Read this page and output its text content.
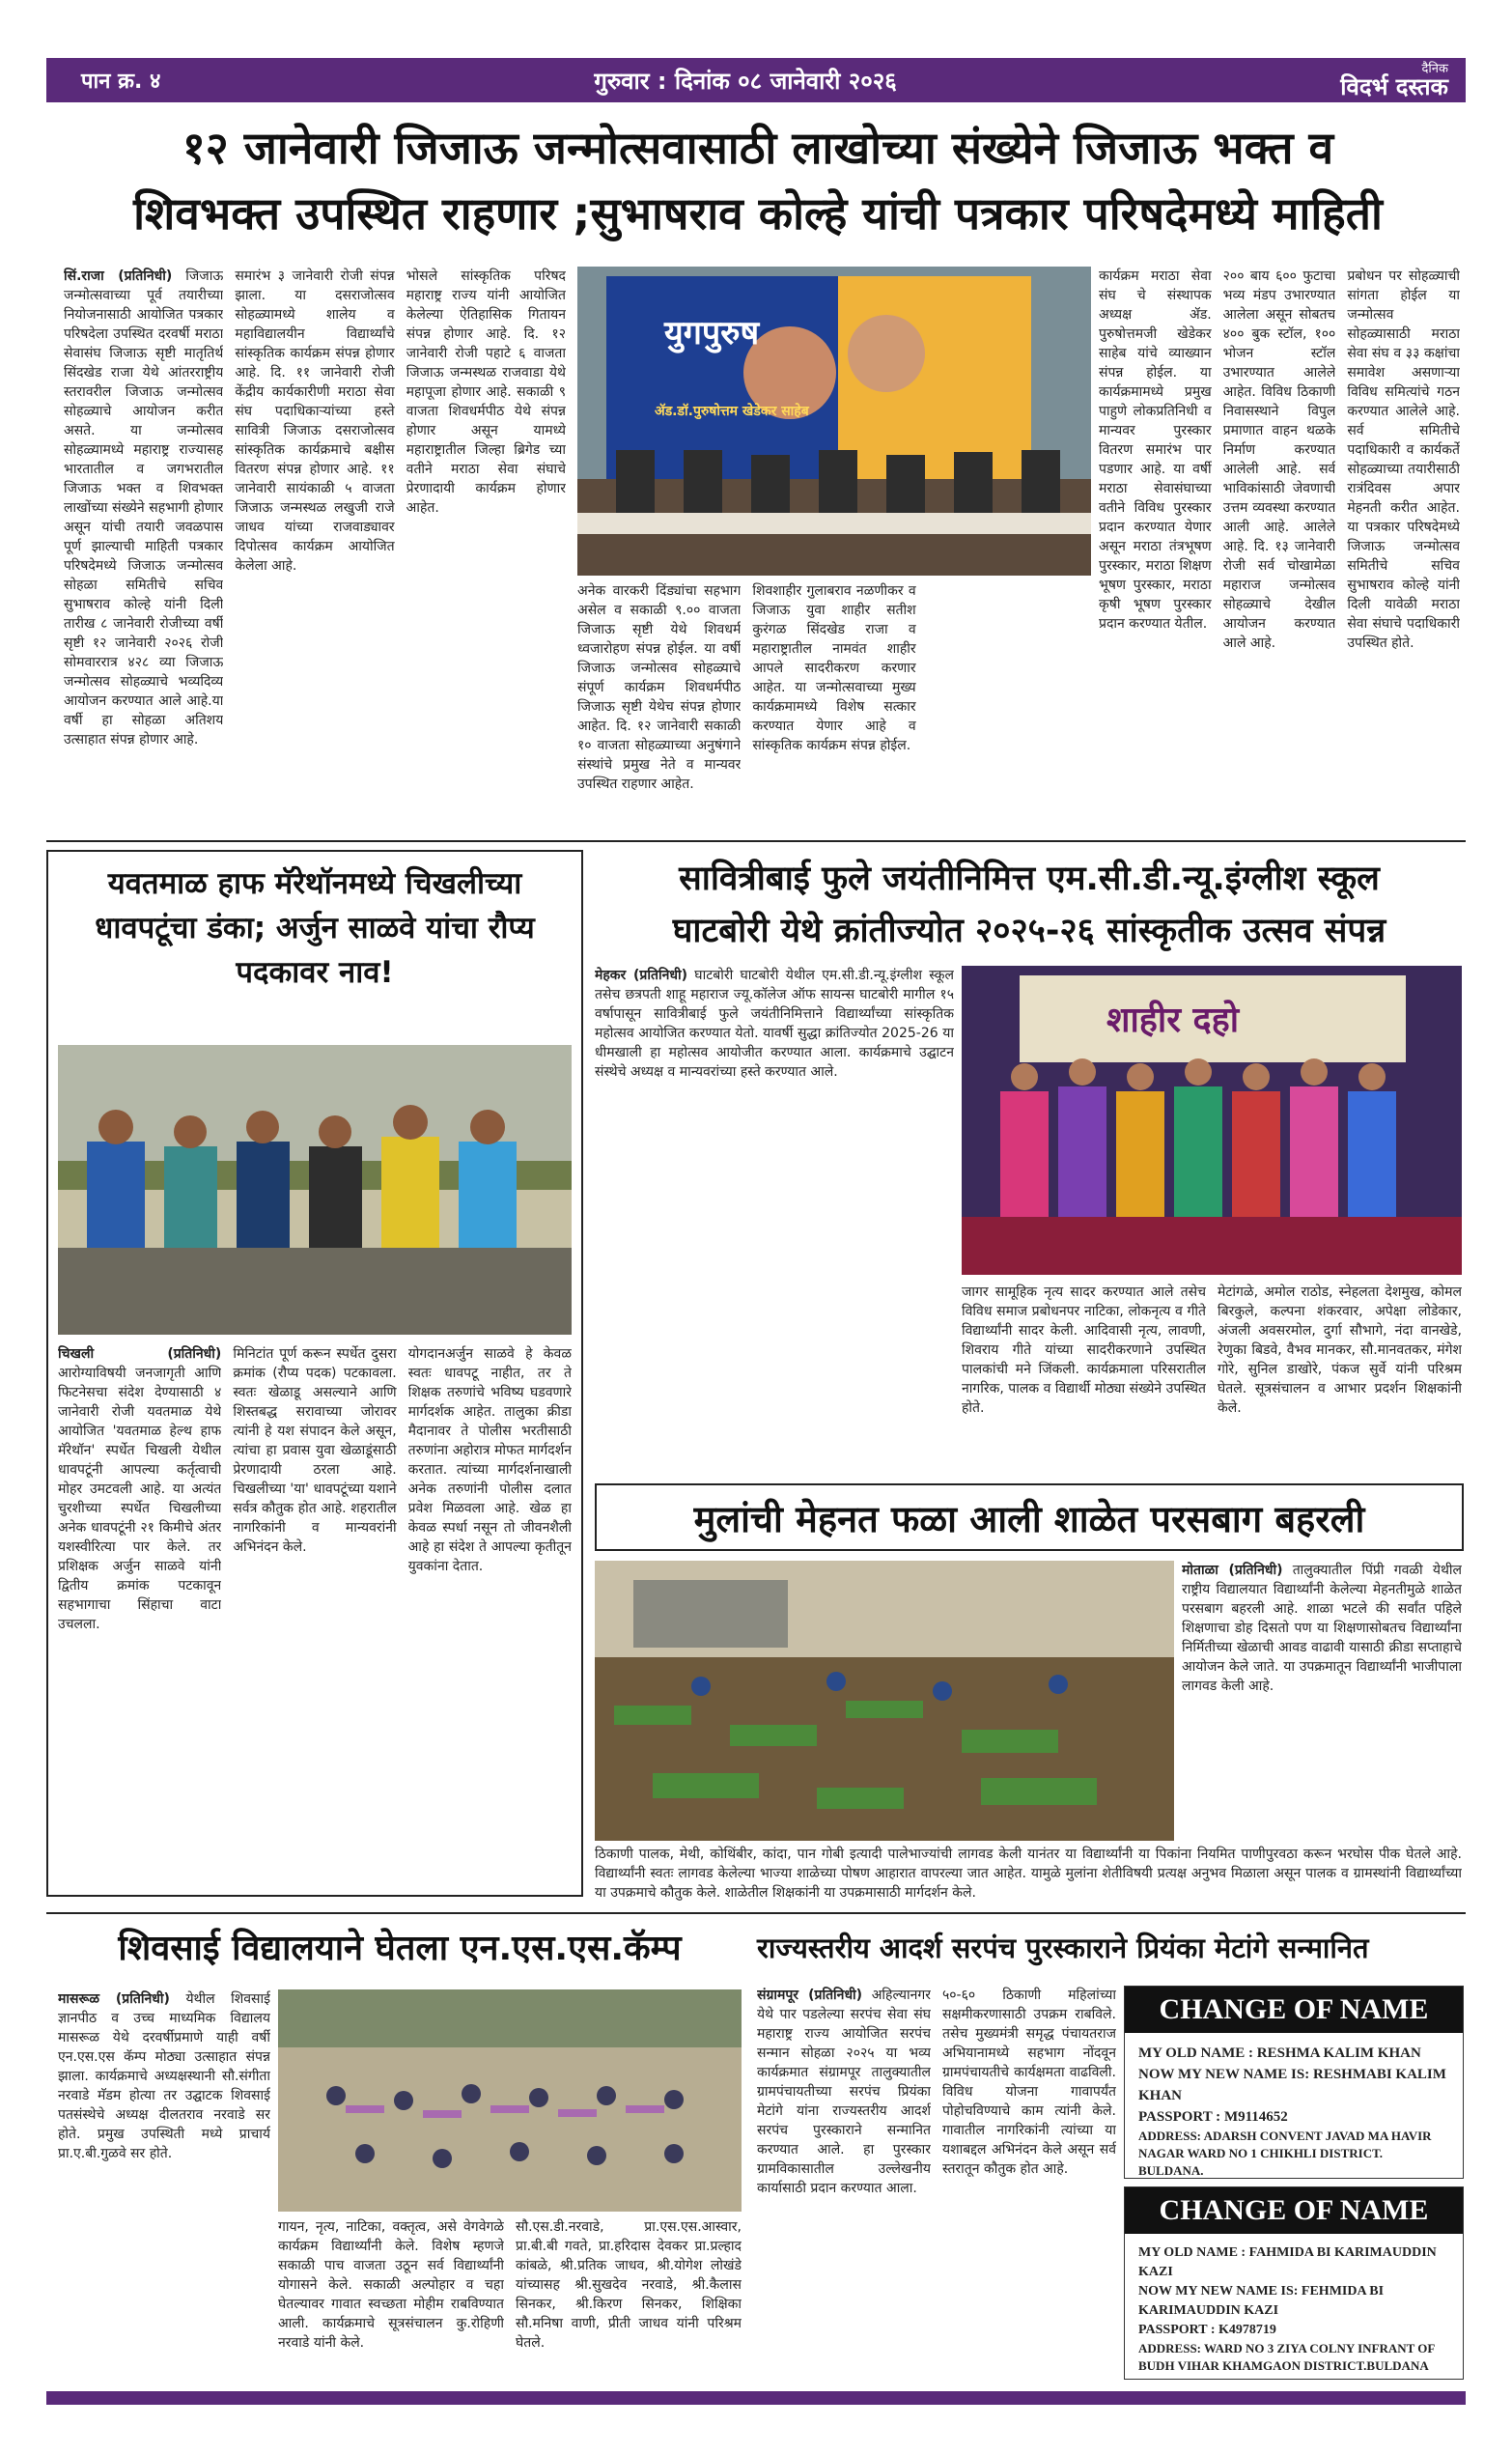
पान क्र. ४	गुरुवार : दिनांक ०८ जानेवारी २०२६	दैनिक
विदर्भ दस्तक
१२ जानेवारी जिजाऊ जन्मोत्सवासाठी लाखोच्या संख्येने जिजाऊ भक्त व
शिवभक्त उपस्थित राहणार ;सुभाषराव कोल्हे यांची पत्रकार परिषदेमध्ये माहिती

सिं.राजा (प्रतिनिधी) जिजाऊ जन्मोत्सवाच्या पूर्व तयारीच्या नियोजनासाठी आयोजित पत्रकार परिषदेला उपस्थित दरवर्षी मराठा सेवासंघ जिजाऊ सृष्टी मातृतिर्थ सिंदखेड राजा येथे आंतरराष्ट्रीय स्तरावरील जिजाऊ जन्मोत्सव सोहळ्याचे आयोजन करीत असते. या जन्मोत्सव सोहळ्यामध्ये महाराष्ट्र राज्यासह भारतातील व जगभरातील जिजाऊ भक्त व शिवभक्त लाखोंच्या संख्येने सहभागी होणार असून यांची तयारी जवळपास पूर्ण झाल्याची माहिती पत्रकार परिषदेमध्ये जिजाऊ जन्मोत्सव सोहळा समितीचे सचिव सुभाषराव कोल्हे यांनी दिली तारीख ८ जानेवारी रोजीच्या वर्षी सृष्टी १२ जानेवारी २०२६ रोजी सोमवाररात्र ४२८ व्या जिजाऊ जन्मोत्सव सोहळ्याचे भव्यदिव्य आयोजन करण्यात आले आहे.या वर्षी हा सोहळा अतिशय उत्साहात संपन्न होणार आहे.

समारंभ ३ जानेवारी रोजी संपन्न झाला. या दसराजोत्सव सोहळ्यामध्ये शालेय व महाविद्यालयीन विद्यार्थ्यांचे सांस्कृतिक कार्यक्रम संपन्न होणार आहे. दि. ११ जानेवारी रोजी केंद्रीय कार्यकारीणी मराठा सेवा संघ पदाधिकाऱ्यांच्या हस्ते सावित्री जिजाऊ दसराजोत्सव सांस्कृतिक कार्यक्रमाचे बक्षीस वितरण संपन्न होणार आहे. ११ जानेवारी सायंकाळी ५ वाजता जिजाऊ जन्मस्थळ लखुजी राजे जाधव यांच्या राजवाड्यावर दिपोत्सव कार्यक्रम आयोजित केलेला आहे.

भोसले सांस्कृतिक परिषद महाराष्ट्र राज्य यांनी आयोजित केलेल्या ऐतिहासिक गितायन संपन्न होणार आहे. दि. १२ जानेवारी रोजी पहाटे ६ वाजता जिजाऊ जन्मस्थळ राजवाडा येथे महापूजा होणार आहे. सकाळी ९ वाजता शिवधर्मपीठ येथे संपन्न होणार असून यामध्ये महाराष्ट्रातील जिल्हा ब्रिगेड च्या वतीने मराठा सेवा संघाचे प्रेरणादायी कार्यक्रम होणार आहेत.

युगपुरुष
ॲड.डॉ.पुरुषोत्तम खेडेकर साहेब

अनेक वारकरी दिंड्यांचा सहभाग असेल व सकाळी ९.०० वाजता जिजाऊ सृष्टी येथे शिवधर्म ध्वजारोहण संपन्न होईल. या वर्षी जिजाऊ जन्मोत्सव सोहळ्याचे संपूर्ण कार्यक्रम शिवधर्मपीठ जिजाऊ सृष्टी येथेच संपन्न होणार आहेत. दि. १२ जानेवारी सकाळी १० वाजता सोहळ्याच्या अनुषंगाने संस्थांचे प्रमुख नेते व मान्यवर उपस्थित राहणार आहेत.

शिवशाहीर गुलाबराव नळणीकर व जिजाऊ युवा शाहीर सतीश कुरंगळ सिंदखेड राजा व महाराष्ट्रातील नामवंत शाहीर आपले सादरीकरण करणार आहेत. या जन्मोत्सवाच्या मुख्य कार्यक्रमामध्ये विशेष सत्कार करण्यात येणार आहे व सांस्कृतिक कार्यक्रम संपन्न होईल.

कार्यक्रम मराठा सेवा संघ चे संस्थापक अध्यक्ष ॲड. पुरुषोत्तमजी खेडेकर साहेब यांचे व्याख्यान संपन्न होईल. या कार्यक्रमामध्ये प्रमुख पाहुणे लोकप्रतिनिधी व मान्यवर पुरस्कार वितरण समारंभ पार पडणार आहे. या वर्षी मराठा सेवासंघाच्या वतीने विविध पुरस्कार प्रदान करण्यात येणार असून मराठा तंत्रभूषण पुरस्कार, मराठा शिक्षण भूषण पुरस्कार, मराठा कृषी भूषण पुरस्कार प्रदान करण्यात येतील.

२०० बाय ६०० फुटाचा भव्य मंडप उभारण्यात आलेला असून सोबतच ४०० बुक स्टॉल, १०० भोजन स्टॉल उभारण्यात आलेले आहेत. विविध ठिकाणी निवासस्थाने विपुल प्रमाणात वाहन थळके निर्माण करण्यात आलेली आहे. सर्व भाविकांसाठी जेवणाची उत्तम व्यवस्था करण्यात आली आहे. आलेले आहे. दि. १३ जानेवारी रोजी सर्व चोखामेळा महाराज जन्मोत्सव सोहळ्याचे देखील आयोजन करण्यात आले आहे.

प्रबोधन पर सोहळ्याची सांगता होईल या जन्मोत्सव सोहळ्यासाठी मराठा सेवा संघ व ३३ कक्षांचा समावेश असणाऱ्या विविध समित्यांचे गठन करण्यात आलेले आहे. सर्व समितीचे पदाधिकारी व कार्यकर्ते सोहळ्याच्या तयारीसाठी रात्रंदिवस अपार मेहनती करीत आहेत. या पत्रकार परिषदेमध्ये जिजाऊ जन्मोत्सव समितीचे सचिव सुभाषराव कोल्हे यांनी दिली यावेळी मराठा सेवा संघाचे पदाधिकारी उपस्थित होते.

यवतमाळ हाफ मॅरेथॉनमध्ये चिखलीच्या धावपटूंचा डंका; अर्जुन साळवे यांचा रौप्य पदकावर नाव!

चिखली (प्रतिनिधी) आरोग्याविषयी जनजागृती आणि फिटनेसचा संदेश देण्यासाठी ४ जानेवारी रोजी यवतमाळ येथे आयोजित 'यवतमाळ हेल्थ हाफ मॅरेथॉन' स्पर्धेत चिखली येथील धावपटूंनी आपल्या कर्तृत्वाची मोहर उमटवली आहे. या अत्यंत चुरशीच्या स्पर्धेत चिखलीच्या अनेक धावपटूंनी २१ किमीचे अंतर यशस्वीरित्या पार केले. तर प्रशिक्षक अर्जुन साळवे यांनी द्वितीय क्रमांक पटकावून सहभागाचा सिंहाचा वाटा उचलला.

मिनिटांत पूर्ण करून स्पर्धेत दुसरा क्रमांक (रौप्य पदक) पटकावला. स्वतः खेळाडू असल्याने आणि शिस्तबद्ध सरावाच्या जोरावर त्यांनी हे यश संपादन केले असून, त्यांचा हा प्रवास युवा खेळाडूंसाठी प्रेरणादायी ठरला आहे. चिखलीच्या 'या' धावपटूंच्या यशाने सर्वत्र कौतुक होत आहे. शहरातील नागरिकांनी व मान्यवरांनी अभिनंदन केले.

योगदानअर्जुन साळवे हे केवळ स्वतः धावपटू नाहीत, तर ते शिक्षक तरुणांचे भविष्य घडवणारे मार्गदर्शक आहेत. तालुका क्रीडा मैदानावर ते पोलीस भरतीसाठी तरुणांना अहोरात्र मोफत मार्गदर्शन करतात. त्यांच्या मार्गदर्शनाखाली अनेक तरुणांनी पोलीस दलात प्रवेश मिळवला आहे. खेळ हा केवळ स्पर्धा नसून तो जीवनशैली आहे हा संदेश ते आपल्या कृतीतून युवकांना देतात.

सावित्रीबाई फुले जयंतीनिमित्त एम.सी.डी.न्यू.इंग्लीश स्कूल
घाटबोरी येथे क्रांतीज्योत २०२५-२६ सांस्कृतीक उत्सव संपन्न

मेहकर (प्रतिनिधी) घाटबोरी घाटबोरी येथील एम.सी.डी.न्यू.इंग्लीश स्कूल तसेच छत्रपती शाहू महाराज ज्यू.कॉलेज ऑफ सायन्स घाटबोरी मागील १५ वर्षापासून सावित्रीबाई फुले जयंतीनिमित्ताने विद्यार्थ्यांच्या सांस्कृतिक महोत्सव आयोजित करण्यात येतो. यावर्षी सुद्धा क्रांतिज्योत 2025-26 या धीमखाली हा महोत्सव आयोजीत करण्यात आला. कार्यक्रमाचे उद्घाटन संस्थेचे अध्यक्ष व मान्यवरांच्या हस्ते करण्यात आले.

शाहीर दहो

जागर सामूहिक नृत्य सादर करण्यात आले तसेच विविध समाज प्रबोधनपर नाटिका, लोकनृत्य व गीते विद्यार्थ्यांनी सादर केली. आदिवासी नृत्य, लावणी, शिवराय गीते यांच्या सादरीकरणाने उपस्थित पालकांची मने जिंकली. कार्यक्रमाला परिसरातील नागरिक, पालक व विद्यार्थी मोठ्या संख्येने उपस्थित होते.

मेटांगळे, अमोल राठोड, स्नेहलता देशमुख, कोमल बिरकुले, कल्पना शंकरवार, अपेक्षा लोडेकार, अंजली अवसरमोल, दुर्गा सौभागे, नंदा वानखेडे, रेणुका बिडवे, वैभव मानकर, सौ.मानवतकर, मंगेश गोरे, सुनिल डाखोरे, पंकज सुर्वे यांनी परिश्रम घेतले. सूत्रसंचालन व आभार प्रदर्शन शिक्षकांनी केले.

मुलांची मेहनत फळा आली शाळेत परसबाग बहरली

मोताळा (प्रतिनिधी) तालुक्यातील पिंप्री गवळी येथील राष्ट्रीय विद्यालयात विद्यार्थ्यांनी केलेल्या मेहनतीमुळे शाळेत परसबाग बहरली आहे. शाळा भटले की सर्वांत पहिले शिक्षणाचा डोह दिसतो पण या शिक्षणासोबतच विद्यार्थ्यांना निर्मितीच्या खेळाची आवड वाढावी यासाठी क्रीडा सप्ताहाचे आयोजन केले जाते. या उपक्रमातून विद्यार्थ्यांनी भाजीपाला लागवड केली आहे.

ठिकाणी पालक, मेथी, कोथिंबीर, कांदा, पान गोबी इत्यादी पालेभाज्यांची लागवड केली यानंतर या विद्यार्थ्यांनी या पिकांना नियमित पाणीपुरवठा करून भरघोस पीक घेतले आहे. विद्यार्थ्यांनी स्वतः लागवड केलेल्या भाज्या शाळेच्या पोषण आहारात वापरल्या जात आहेत. यामुळे मुलांना शेतीविषयी प्रत्यक्ष अनुभव मिळाला असून पालक व ग्रामस्थांनी विद्यार्थ्यांच्या या उपक्रमाचे कौतुक केले. शाळेतील शिक्षकांनी या उपक्रमासाठी मार्गदर्शन केले.

शिवसाई विद्यालयाने घेतला एन.एस.एस.कॅम्प

मासरूळ (प्रतिनिधी) येथील शिवसाई ज्ञानपीठ व उच्च माध्यमिक विद्यालय मासरूळ येथे दरवर्षीप्रमाणे याही वर्षी एन.एस.एस कॅम्प मोठ्या उत्साहात संपन्न झाला. कार्यक्रमाचे अध्यक्षस्थानी सौ.संगीता नरवाडे मॅडम होत्या तर उद्घाटक शिवसाई पतसंस्थेचे अध्यक्ष दीलतराव नरवाडे सर होते. प्रमुख उपस्थिती मध्ये प्राचार्य प्रा.ए.बी.गुळवे सर होते.

गायन, नृत्य, नाटिका, वक्तृत्व, असे वेगवेगळे कार्यक्रम विद्यार्थ्यांनी केले. विशेष म्हणजे सकाळी पाच वाजता उठून सर्व विद्यार्थ्यांनी योगासने केले. सकाळी अल्पोहार व चहा घेतल्यावर गावात स्वच्छता मोहीम राबविण्यात आली. कार्यक्रमाचे सूत्रसंचालन कु.रोहिणी नरवाडे यांनी केले.

सौ.एस.डी.नरवाडे, प्रा.एस.एस.आस्वार, प्रा.बी.बी गवते, प्रा.हरिदास देवकर प्रा.प्रल्हाद कांबळे, श्री.प्रतिक जाधव, श्री.योगेश लोखंडे यांच्यासह श्री.सुखदेव नरवाडे, श्री.कैलास सिनकर, श्री.किरण सिनकर, शिक्षिका सौ.मनिषा वाणी, प्रीती जाधव यांनी परिश्रम घेतले.

राज्यस्तरीय आदर्श सरपंच पुरस्काराने प्रियंका मेटांगे सन्मानित

संग्रामपूर (प्रतिनिधी) अहिल्यानगर येथे पार पडलेल्या सरपंच सेवा संघ महाराष्ट्र राज्य आयोजित सरपंच सन्मान सोहळा २०२५ या भव्य कार्यक्रमात संग्रामपूर तालुक्यातील ग्रामपंचायतीच्या सरपंच प्रियंका मेटांगे यांना राज्यस्तरीय आदर्श सरपंच पुरस्काराने सन्मानित करण्यात आले. हा पुरस्कार ग्रामविकासातील उल्लेखनीय कार्यासाठी प्रदान करण्यात आला.

५०-६० ठिकाणी महिलांच्या सक्षमीकरणासाठी उपक्रम राबविले. तसेच मुख्यमंत्री समृद्ध पंचायतराज अभियानामध्ये सहभाग नोंदवून ग्रामपंचायतीचे कार्यक्षमता वाढविली. विविध योजना गावापर्यंत पोहोचविण्याचे काम त्यांनी केले. गावातील नागरिकांनी त्यांच्या या यशाबद्दल अभिनंदन केले असून सर्व स्तरातून कौतुक होत आहे.

CHANGE OF NAME
MY OLD NAME : RESHMA KALIM KHAN
NOW MY NEW NAME IS: RESHMABI KALIM KHAN
PASSPORT : M9114652
ADDRESS: ADARSH CONVENT JAVAD MA HAVIR NAGAR WARD NO 1 CHIKHLI DISTRICT. BULDANA.
CHANGE OF NAME
MY OLD NAME : FAHMIDA BI KARIMAUDDIN KAZI
NOW MY NEW NAME IS: FEHMIDA BI KARIMAUDDIN KAZI
PASSPORT : K4978719
ADDRESS: WARD NO 3 ZIYA COLNY INFRANT OF BUDH VIHAR KHAMGAON DISTRICT.BULDANA
